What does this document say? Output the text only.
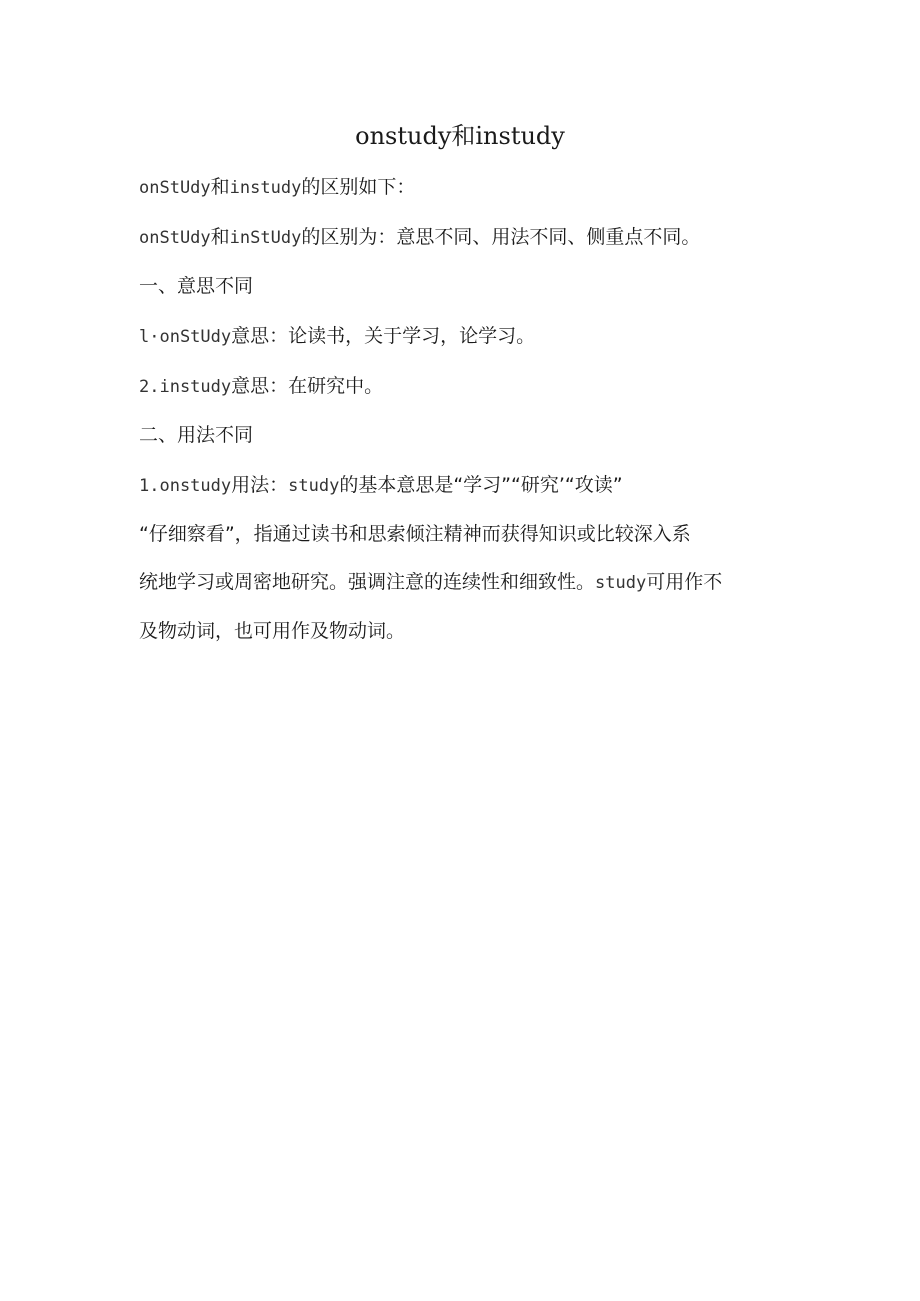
onstudy和instudy
onStUdy和instudy的区别如下：
onStUdy和inStUdy的区别为：意思不同、用法不同、侧重点不同。
一、意思不同
l·onStUdy意思：论读书，关于学习，论学习。
2.instudy意思：在研究中。
二、用法不同
1.onstudy用法：study的基本意思是“学习”“研究’“攻读”
“仔细察看”，指通过读书和思索倾注精神而获得知识或比较深入系
统地学习或周密地研究。强调注意的连续性和细致性。study可用作不
及物动词，也可用作及物动词。
